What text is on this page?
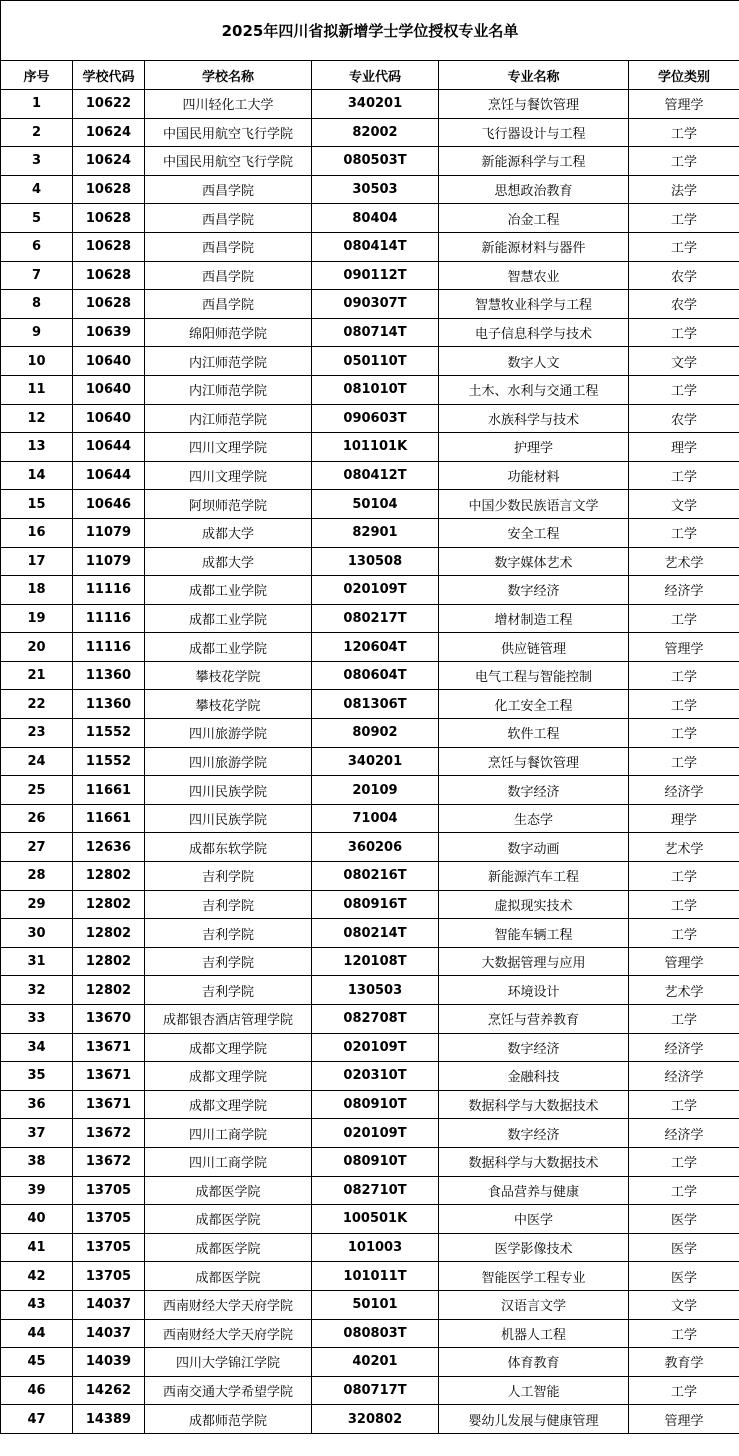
2025年四川省拟新增学士学位授权专业名单					
序号	学校代码	学校名称	专业代码	专业名称	学位类别
1	10622	四川轻化工大学	340201	烹饪与餐饮管理	管理学
2	10624	中国民用航空飞行学院	82002	飞行器设计与工程	工学
3	10624	中国民用航空飞行学院	080503T	新能源科学与工程	工学
4	10628	西昌学院	30503	思想政治教育	法学
5	10628	西昌学院	80404	冶金工程	工学
6	10628	西昌学院	080414T	新能源材料与器件	工学
7	10628	西昌学院	090112T	智慧农业	农学
8	10628	西昌学院	090307T	智慧牧业科学与工程	农学
9	10639	绵阳师范学院	080714T	电子信息科学与技术	工学
10	10640	内江师范学院	050110T	数字人文	文学
11	10640	内江师范学院	081010T	土木、水利与交通工程	工学
12	10640	内江师范学院	090603T	水族科学与技术	农学
13	10644	四川文理学院	101101K	护理学	理学
14	10644	四川文理学院	080412T	功能材料	工学
15	10646	阿坝师范学院	50104	中国少数民族语言文学	文学
16	11079	成都大学	82901	安全工程	工学
17	11079	成都大学	130508	数字媒体艺术	艺术学
18	11116	成都工业学院	020109T	数字经济	经济学
19	11116	成都工业学院	080217T	增材制造工程	工学
20	11116	成都工业学院	120604T	供应链管理	管理学
21	11360	攀枝花学院	080604T	电气工程与智能控制	工学
22	11360	攀枝花学院	081306T	化工安全工程	工学
23	11552	四川旅游学院	80902	软件工程	工学
24	11552	四川旅游学院	340201	烹饪与餐饮管理	工学
25	11661	四川民族学院	20109	数字经济	经济学
26	11661	四川民族学院	71004	生态学	理学
27	12636	成都东软学院	360206	数字动画	艺术学
28	12802	吉利学院	080216T	新能源汽车工程	工学
29	12802	吉利学院	080916T	虚拟现实技术	工学
30	12802	吉利学院	080214T	智能车辆工程	工学
31	12802	吉利学院	120108T	大数据管理与应用	管理学
32	12802	吉利学院	130503	环境设计	艺术学
33	13670	成都银杏酒店管理学院	082708T	烹饪与营养教育	工学
34	13671	成都文理学院	020109T	数字经济	经济学
35	13671	成都文理学院	020310T	金融科技	经济学
36	13671	成都文理学院	080910T	数据科学与大数据技术	工学
37	13672	四川工商学院	020109T	数字经济	经济学
38	13672	四川工商学院	080910T	数据科学与大数据技术	工学
39	13705	成都医学院	082710T	食品营养与健康	工学
40	13705	成都医学院	100501K	中医学	医学
41	13705	成都医学院	101003	医学影像技术	医学
42	13705	成都医学院	101011T	智能医学工程专业	医学
43	14037	西南财经大学天府学院	50101	汉语言文学	文学
44	14037	西南财经大学天府学院	080803T	机器人工程	工学
45	14039	四川大学锦江学院	40201	体育教育	教育学
46	14262	西南交通大学希望学院	080717T	人工智能	工学
47	14389	成都师范学院	320802	婴幼儿发展与健康管理	管理学
